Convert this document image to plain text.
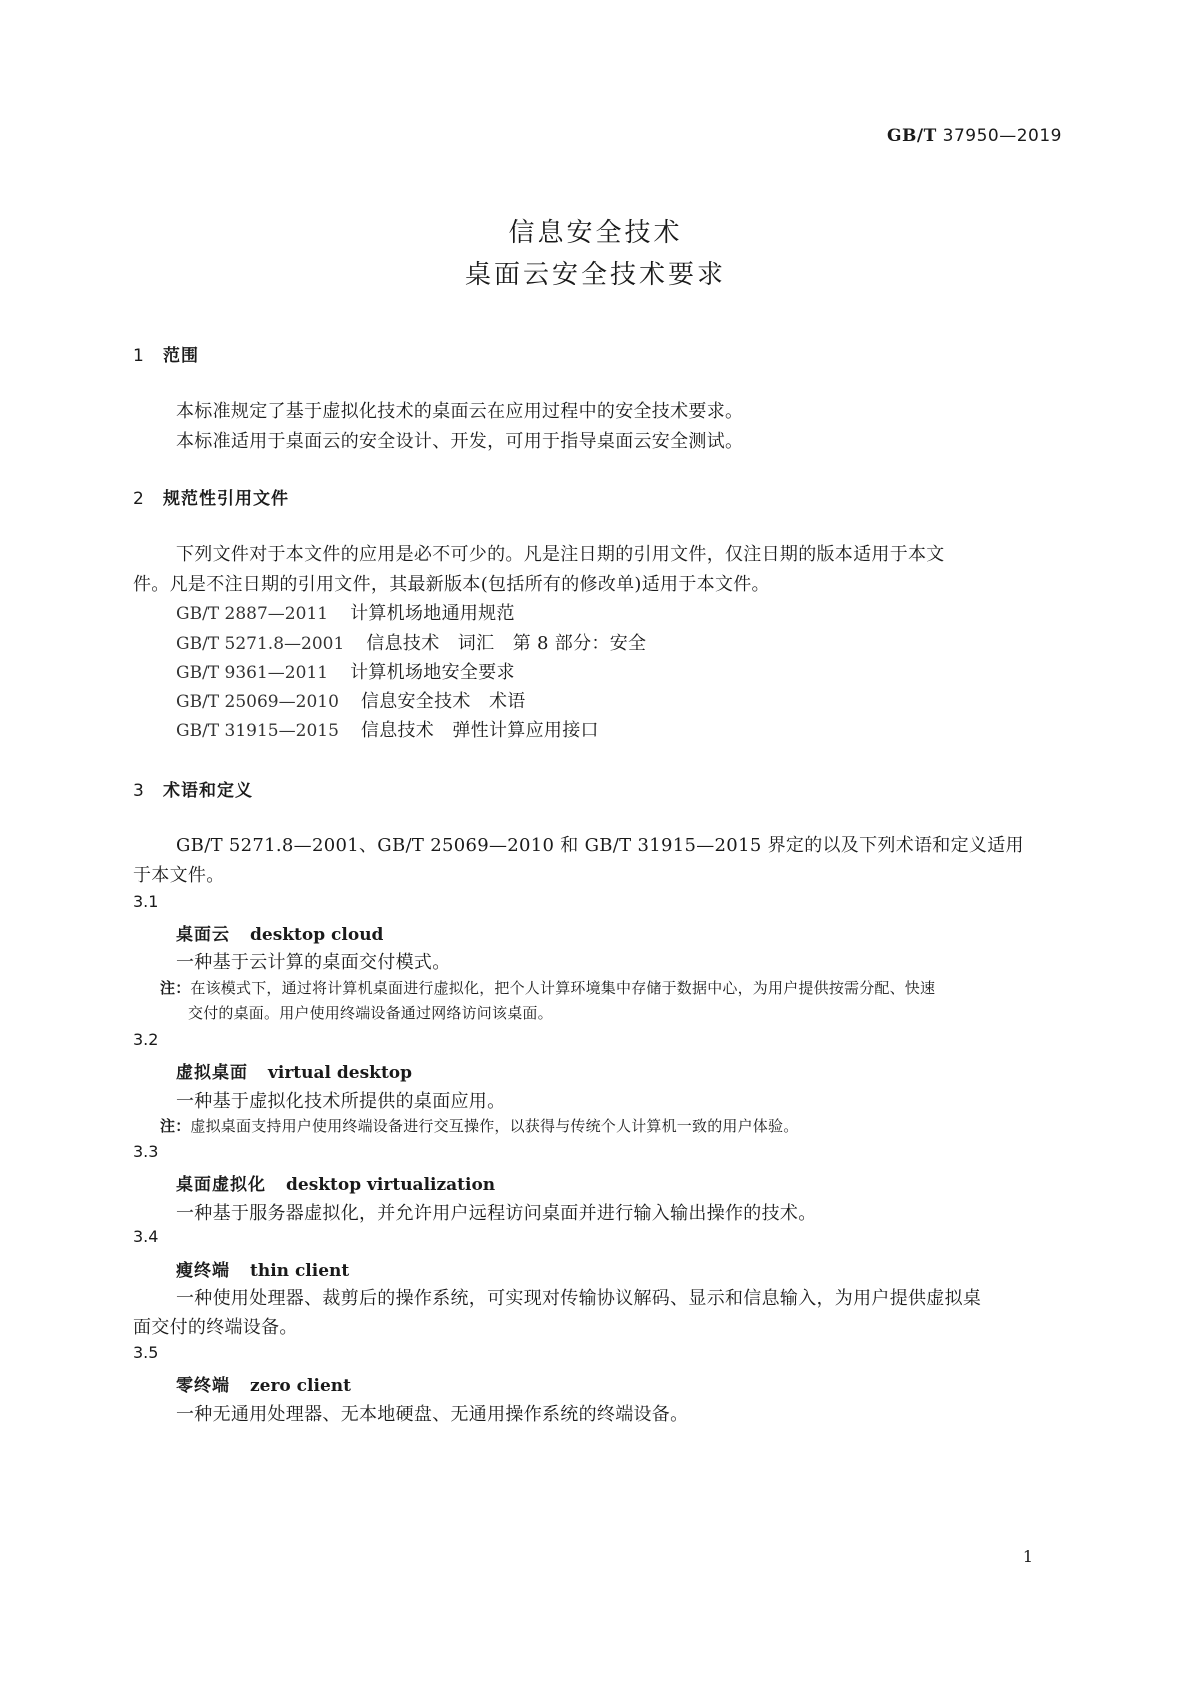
GB/T 37950—2019
信息安全技术
桌面云安全技术要求
1 范围
本标准规定了基于虚拟化技术的桌面云在应用过程中的安全技术要求。
本标准适用于桌面云的安全设计、开发，可用于指导桌面云安全测试。
2 规范性引用文件
下列文件对于本文件的应用是必不可少的。凡是注日期的引用文件，仅注日期的版本适用于本文
件。凡是不注日期的引用文件，其最新版本(包括所有的修改单)适用于本文件。
GB/T 2887—2011 计算机场地通用规范
GB/T 5271.8—2001 信息技术　词汇　第 8 部分：安全
GB/T 9361—2011 计算机场地安全要求
GB/T 25069—2010 信息安全技术　术语
GB/T 31915—2015 信息技术　弹性计算应用接口
3 术语和定义
GB/T 5271.8—2001、GB/T 25069—2010 和 GB/T 31915—2015 界定的以及下列术语和定义适用
于本文件。
3.1
桌面云 desktop cloud
一种基于云计算的桌面交付模式。
注：在该模式下，通过将计算机桌面进行虚拟化，把个人计算环境集中存储于数据中心，为用户提供按需分配、快速
交付的桌面。用户使用终端设备通过网络访问该桌面。
3.2
虚拟桌面 virtual desktop
一种基于虚拟化技术所提供的桌面应用。
注：虚拟桌面支持用户使用终端设备进行交互操作，以获得与传统个人计算机一致的用户体验。
3.3
桌面虚拟化 desktop virtualization
一种基于服务器虚拟化，并允许用户远程访问桌面并进行输入输出操作的技术。
3.4
瘦终端 thin client
一种使用处理器、裁剪后的操作系统，可实现对传输协议解码、显示和信息输入，为用户提供虚拟桌
面交付的终端设备。
3.5
零终端 zero client
一种无通用处理器、无本地硬盘、无通用操作系统的终端设备。
1
